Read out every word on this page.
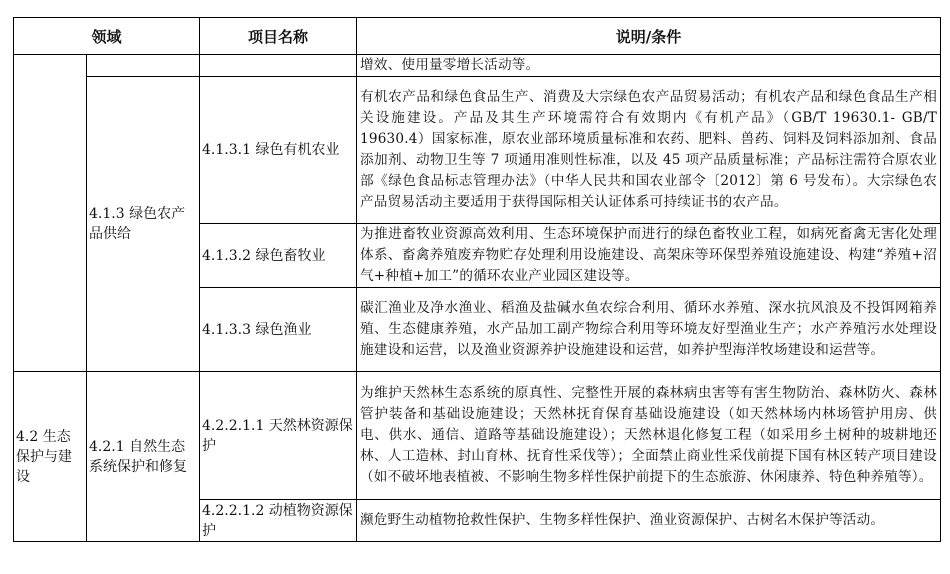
领域		项目名称	说明/条件
			增效、使用量零增长活动等。
	4.1.3 绿色农产品供给	4.1.3.1 绿色有机农业	有机农产品和绿色食品生产、消费及大宗绿色农产品贸易活动；有机农产品和绿色食品生产相关设施建设。产品及其生产环境需符合有效期内《有机产品》（GB/T 19630.1- GB/T 19630.4）国家标准，原农业部环境质量标准和农药、肥料、兽药、饲料及饲料添加剂、食品添加剂、动物卫生等 7 项通用准则性标准，以及 45 项产品质量标准；产品标注需符合原农业部《绿色食品标志管理办法》（中华人民共和国农业部令〔2012〕第 6 号发布）。大宗绿色农产品贸易活动主要适用于获得国际相关认证体系可持续证书的农产品。
		4.1.3.2 绿色畜牧业	为推进畜牧业资源高效利用、生态环境保护而进行的绿色畜牧业工程，如病死畜禽无害化处理体系、畜禽养殖废弃物贮存处理利用设施建设、高架床等环保型养殖设施建设、构建“养殖+沼气+种植+加工”的循环农业产业园区建设等。
		4.1.3.3 绿色渔业	碳汇渔业及净水渔业、稻渔及盐碱水鱼农综合利用、循环水养殖、深水抗风浪及不投饵网箱养殖、生态健康养殖，水产品加工副产物综合利用等环境友好型渔业生产；水产养殖污水处理设施建设和运营，以及渔业资源养护设施建设和运营，如养护型海洋牧场建设和运营等。
4.2 生态保护与建设	4.2.1 自然生态系统保护和修复	4.2.2.1.1 天然林资源保护	为维护天然林生态系统的原真性、完整性开展的森林病虫害等有害生物防治、森林防火、森林管护装备和基础设施建设；天然林抚育保育基础设施建设（如天然林场内林场管护用房、供电、供水、通信、道路等基础设施建设）；天然林退化修复工程（如采用乡土树种的坡耕地还林、人工造林、封山育林、抚育性采伐等）；全面禁止商业性采伐前提下国有林区转产项目建设（如不破坏地表植被、不影响生物多样性保护前提下的生态旅游、休闲康养、特色种养殖等）。
		4.2.2.1.2 动植物资源保护	濒危野生动植物抢救性保护、生物多样性保护、渔业资源保护、古树名木保护等活动。
